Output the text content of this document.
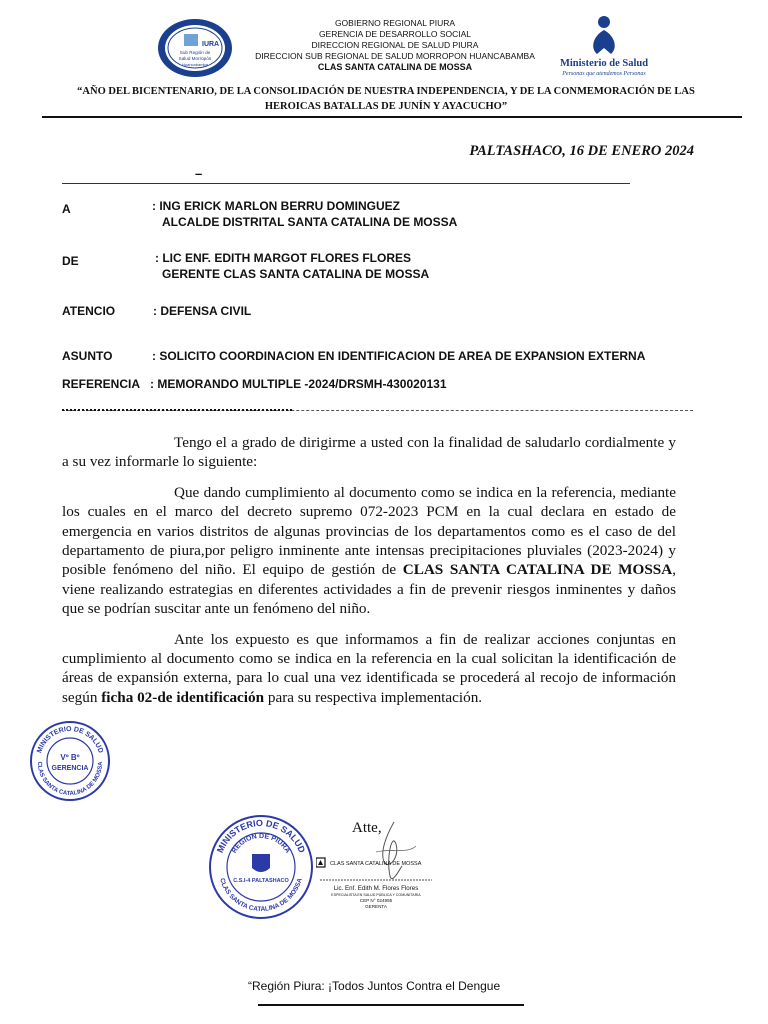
IURA
Sub Región de
Salud Morropón
Huancabamba
GOBIERNO REGIONAL PIURA
GERENCIA DE DESARROLLO SOCIAL
DIRECCION REGIONAL DE SALUD PIURA
DIRECCION SUB REGIONAL DE SALUD MORROPON HUANCABAMBA
CLAS SANTA CATALINA DE MOSSA	Ministerio de Salud
Personas que atendemos Personas
“AÑO DEL BICENTENARIO, DE LA CONSOLIDACIÓN DE NUESTRA INDEPENDENCIA, Y DE LA CONMEMORACIÓN DE LAS HEROICAS BATALLAS DE JUNÍN Y AYACUCHO”
PALTASHACO, 16 DE ENERO 2024
–
A	: ING ERICK MARLON BERRU DOMINGUEZ
ALCALDE DISTRITAL SANTA CATALINA DE MOSSA
DE	: LIC ENF. EDITH MARGOT FLORES FLORES
GERENTE CLAS SANTA CATALINA DE MOSSA
ATENCIO	: DEFENSA CIVIL
ASUNTO	: SOLICITO COORDINACION EN IDENTIFICACION DE AREA DE EXPANSION EXTERNA
REFERENCIA : MEMORANDO MULTIPLE -2024/DRSMH-430020131

Tengo el a grado de dirigirme a usted con la finalidad de saludarlo cordialmente y a su vez informarle lo siguiente:

Que dando cumplimiento al documento como se indica en la referencia, mediante los cuales en el marco del decreto supremo 072-2023 PCM en la cual declara en estado de emergencia en varios distritos de algunas provincias de los departamentos como es el caso de del departamento de piura,por peligro inminente ante intensas precipitaciones pluviales (2023-2024) y posible fenómeno del niño. El equipo de gestión de CLAS SANTA CATALINA DE MOSSA, viene realizando estrategias en diferentes actividades a fin de prevenir riesgos inminentes y daños que se podrían suscitar ante un fenómeno del niño.

Ante los expuesto es que informamos a fin de realizar acciones conjuntas en cumplimiento al documento como se indica en la referencia en la cual solicitan la identificación de áreas de expansión externa, para lo cual una vez identificada se procederá al recojo de información según ficha 02-de identificación para su respectiva implementación.

MINISTERIO DE SALUD
CLAS SANTA CATALINA DE MOSSA
Vº Bº
GERENCIA
Atte,
MINISTERIO DE SALUD
REGION DE PIURA
CLAS SANTA CATALINA DE MOSSA
C.S.I-4 PALTASHACO
CLAS SANTA CATALINA DE MOSSA
Lic. Enf. Edith M. Flores Flores
ESPECIALISTA EN SALUD PÚBLICA Y COMUNITARIA
CEP N° 024955
GERENTA
“Región Piura: ¡Todos Juntos Contra el Dengue
